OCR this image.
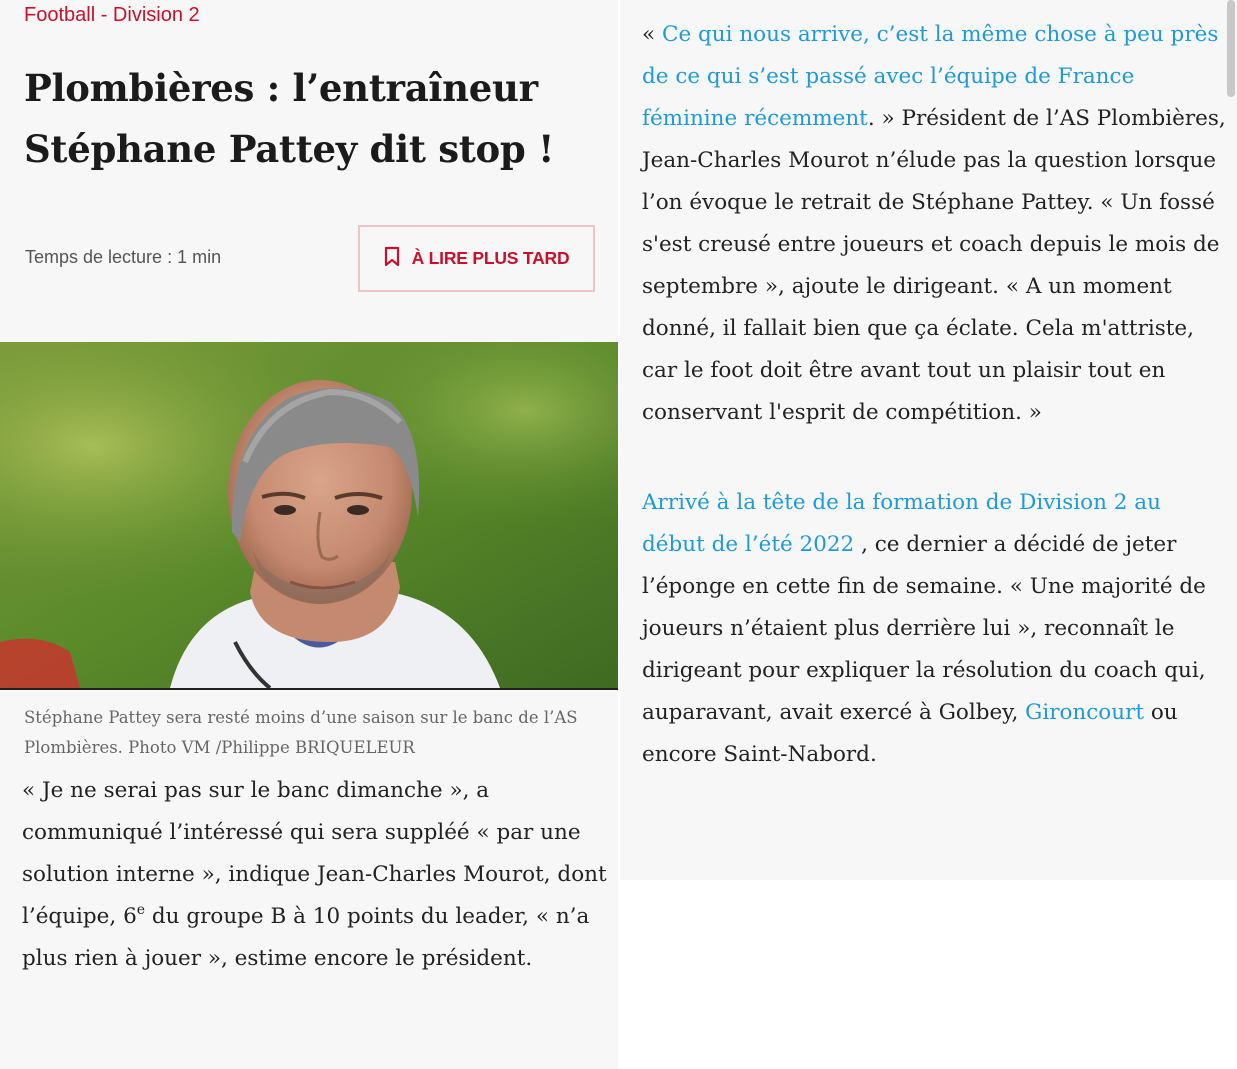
Football - Division 2
Plombières : l’entraîneur
Stéphane Pattey dit stop !
Temps de lecture : 1 min	À LIRE PLUS TARD

Stéphane Pattey sera resté moins d’une saison sur le banc de l’AS Plombières. Photo VM /Philippe BRIQUELEUR

« Je ne serai pas sur le banc dimanche », a communiqué l’intéressé qui sera suppléé « par une solution interne », indique Jean-Charles Mourot, dont l’équipe, 6e du groupe B à 10 points du leader, « n’a plus rien à jouer », estime encore le président.

« Ce qui nous arrive, c’est la même chose à peu près de ce qui s’est passé avec l’équipe de France féminine récemment. » Président de l’AS Plombières, Jean-Charles Mourot n’élude pas la question lorsque l’on évoque le retrait de Stéphane Pattey. « Un fossé s'est creusé entre joueurs et coach depuis le mois de septembre », ajoute le dirigeant. « A un moment donné, il fallait bien que ça éclate. Cela m'attriste, car le foot doit être avant tout un plaisir tout en conservant l'esprit de compétition. »

Arrivé à la tête de la formation de Division 2 au début de l’été 2022 , ce dernier a décidé de jeter l’éponge en cette fin de semaine. « Une majorité de joueurs n’étaient plus derrière lui », reconnaît le dirigeant pour expliquer la résolution du coach qui, auparavant, avait exercé à Golbey, Gironcourt ou encore Saint-Nabord.
